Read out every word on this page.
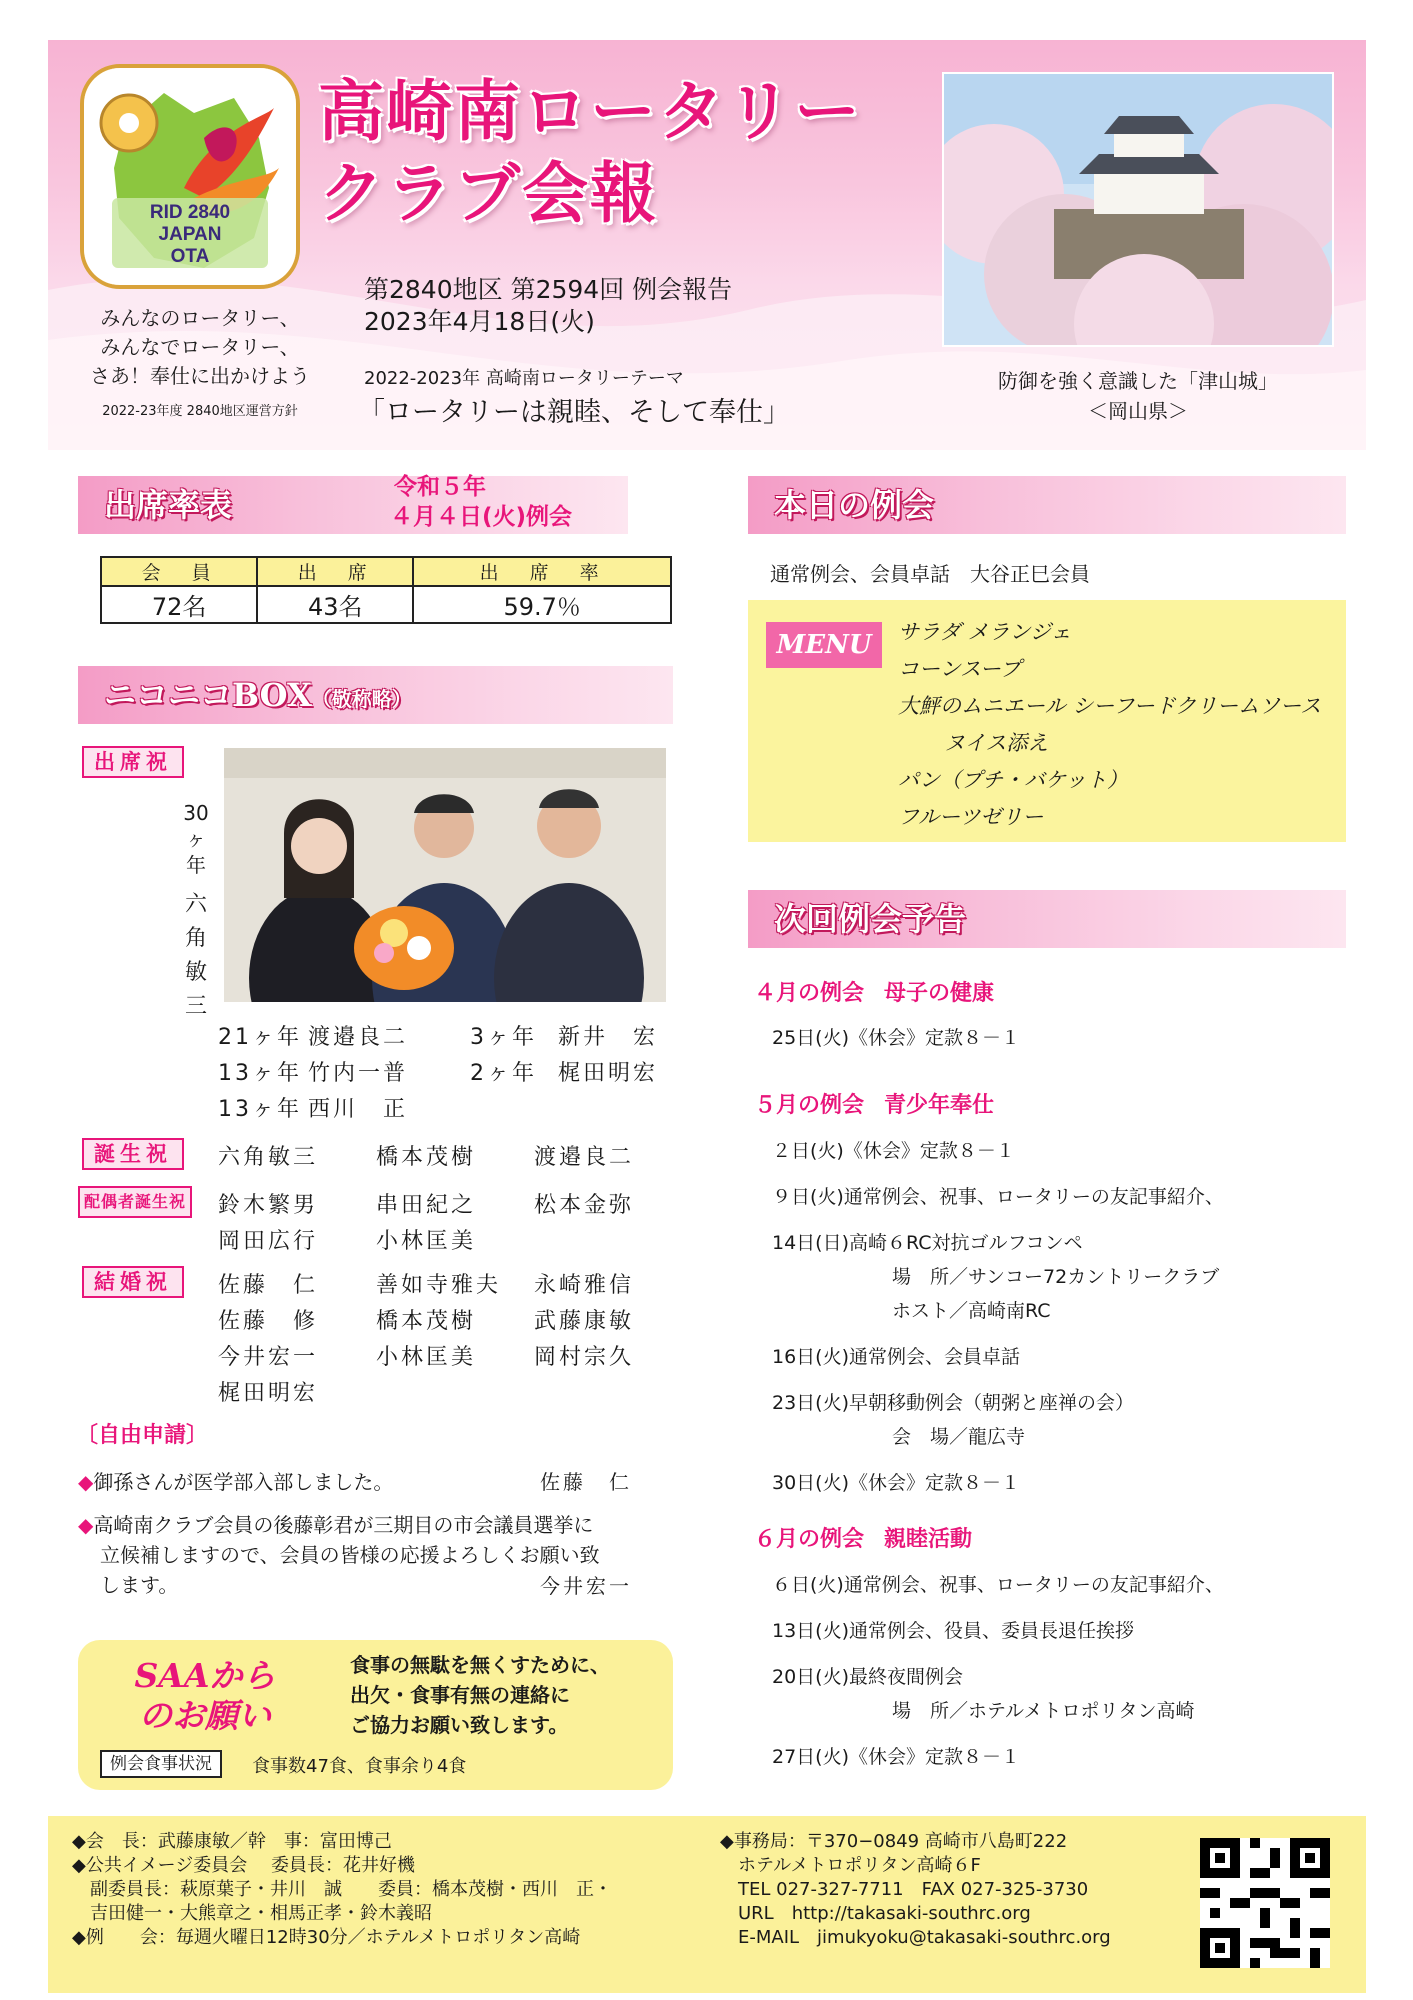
RID 2840
JAPAN
OTA
高崎南ロータリー
クラブ会報
第2840地区 第2594回 例会報告
2023年4月18日(火)
みんなのロータリー、
みんなでロータリー、
さあ！奉仕に出かけよう
2022-23年度 2840地区運営方針
2022-2023年 高崎南ロータリーテーマ
「ロータリーは親睦、そして奉仕」
防御を強く意識した「津山城」
＜岡山県＞
出席率表	令和５年
４月４日(火)例会
会　員	出　席	出　席　率
72名	43名	59.7％
ニコニコBOX（敬称略）
出席祝
30ヶ年
六角敏三
21ヶ年 渡邉良二	3ヶ年 新井　宏
13ヶ年 竹内一普	2ヶ年 梶田明宏
13ヶ年 西川　正
誕生祝	六角敏三	橋本茂樹	渡邉良二
配偶者誕生祝 鈴木繁男	串田紀之	松本金弥
岡田広行	小林匡美
結婚祝	佐藤　仁	善如寺雅夫 永崎雅信
佐藤　修	橋本茂樹	武藤康敏
今井宏一	小林匡美	岡村宗久
梶田明宏
〔自由申請〕
◆御孫さんが医学部入部しました。	佐藤　仁
◆高崎南クラブ会員の後藤彰君が三期目の市会議員選挙に
立候補しますので、会員の皆様の応援よろしくお願い致
します。	今井宏一
SAAから
のお願い
食事の無駄を無くすために、
出欠・食事有無の連絡に
ご協力お願い致します。
例会食事状況	食事数47食、食事余り4食
本日の例会
通常例会、会員卓話　大谷正巳会員
MENU	サラダ メランジェ
コーンスープ
大鮃のムニエール シーフードクリームソース
ヌイス添え
パン（プチ・バケット）
フルーツゼリー
次回例会予告
４月の例会 母子の健康
25日(火)《休会》定款８－１
５月の例会 青少年奉仕
２日(火)《休会》定款８－１
９日(火)通常例会、祝事、ロータリーの友記事紹介、
14日(日)高崎６RC対抗ゴルフコンペ
場　所／サンコー72カントリークラブ
ホスト／高崎南RC
16日(火)通常例会、会員卓話
23日(火)早朝移動例会（朝粥と座禅の会）
会　場／龍広寺
30日(火)《休会》定款８－１
６月の例会 親睦活動
６日(火)通常例会、祝事、ロータリーの友記事紹介、
13日(火)通常例会、役員、委員長退任挨拶
20日(火)最終夜間例会
場　所／ホテルメトロポリタン高崎
27日(火)《休会》定款８－１
◆会　長：武藤康敏／幹　事：富田博己
◆公共イメージ委員会　 委員長：花井好機
　副委員長：萩原葉子・井川　誠　　委員：橋本茂樹・西川　正・
　吉田健一・大熊章之・相馬正孝・鈴木義昭
◆例　　会：毎週火曜日12時30分／ホテルメトロポリタン高崎
◆事務局：〒370−0849 高崎市八島町222
　ホテルメトロポリタン高崎６F
　TEL 027-327-7711　FAX 027-325-3730
　URL　http://takasaki-southrc.org
　E-MAIL　jimukyoku@takasaki-southrc.org
